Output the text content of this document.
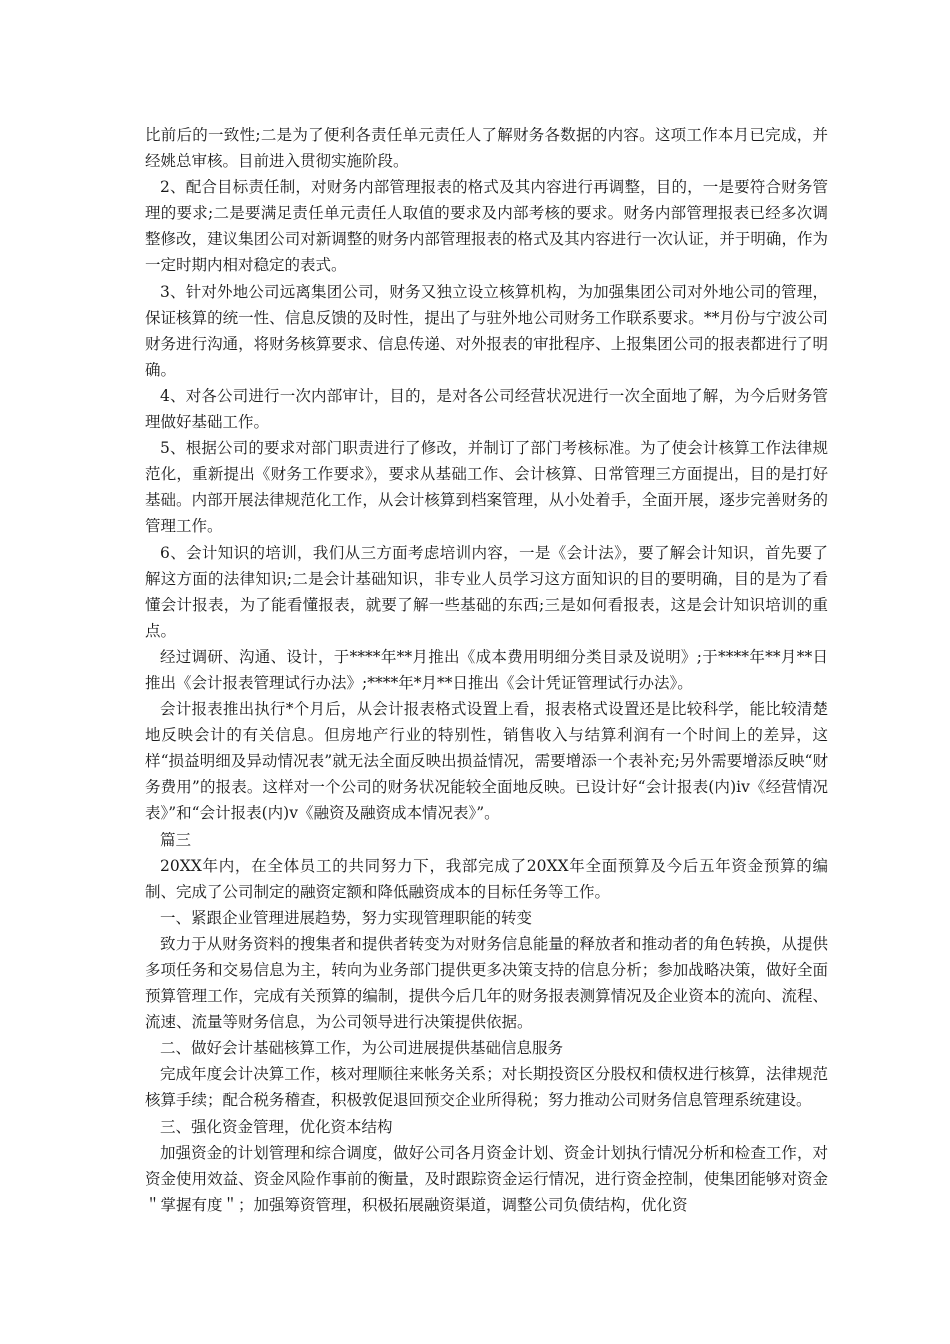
比前后的一致性;二是为了便利各责任单元责任人了解财务各数据的内容。这项工作本月已完成，并经姚总审核。目前进入贯彻实施阶段。

2、配合目标责任制，对财务内部管理报表的格式及其内容进行再调整，目的，一是要符合财务管理的要求;二是要满足责任单元责任人取值的要求及内部考核的要求。财务内部管理报表已经多次调整修改，建议集团公司对新调整的财务内部管理报表的格式及其内容进行一次认证，并于明确，作为一定时期内相对稳定的表式。

3、针对外地公司远离集团公司，财务又独立设立核算机构，为加强集团公司对外地公司的管理，保证核算的统一性、信息反馈的及时性，提出了与驻外地公司财务工作联系要求。**月份与宁波公司财务进行沟通，将财务核算要求、信息传递、对外报表的审批程序、上报集团公司的报表都进行了明确。

4、对各公司进行一次内部审计，目的，是对各公司经营状况进行一次全面地了解，为今后财务管理做好基础工作。

5、根据公司的要求对部门职责进行了修改，并制订了部门考核标准。为了使会计核算工作法律规范化，重新提出《财务工作要求》，要求从基础工作、会计核算、日常管理三方面提出，目的是打好基础。内部开展法律规范化工作，从会计核算到档案管理，从小处着手，全面开展，逐步完善财务的管理工作。

6、会计知识的培训，我们从三方面考虑培训内容，一是《会计法》，要了解会计知识，首先要了解这方面的法律知识;二是会计基础知识，非专业人员学习这方面知识的目的要明确，目的是为了看懂会计报表，为了能看懂报表，就要了解一些基础的东西;三是如何看报表，这是会计知识培训的重点。

经过调研、沟通、设计，于****年**月推出《成本费用明细分类目录及说明》;于****年**月**日推出《会计报表管理试行办法》;****年*月**日推出《会计凭证管理试行办法》。

会计报表推出执行*个月后，从会计报表格式设置上看，报表格式设置还是比较科学，能比较清楚地反映会计的有关信息。但房地产行业的特别性，销售收入与结算利润有一个时间上的差异，这样“损益明细及异动情况表”就无法全面反映出损益情况，需要增添一个表补充;另外需要增添反映“财务费用”的报表。这样对一个公司的财务状况能较全面地反映。已设计好“会计报表(内)iv《经营情况表》”和“会计报表(内)v《融资及融资成本情况表》”。

篇三

20XX年内，在全体员工的共同努力下，我部完成了20XX年全面预算及今后五年资金预算的编制、完成了公司制定的融资定额和降低融资成本的目标任务等工作。

一、紧跟企业管理进展趋势，努力实现管理职能的转变

致力于从财务资料的搜集者和提供者转变为对财务信息能量的释放者和推动者的角色转换，从提供多项任务和交易信息为主，转向为业务部门提供更多决策支持的信息分析；参加战略决策，做好全面预算管理工作，完成有关预算的编制，提供今后几年的财务报表测算情况及企业资本的流向、流程、流速、流量等财务信息，为公司领导进行决策提供依据。

二、做好会计基础核算工作，为公司进展提供基础信息服务

完成年度会计决算工作，核对理顺往来帐务关系；对长期投资区分股权和债权进行核算，法律规范核算手续；配合税务稽查，积极敦促退回预交企业所得税；努力推动公司财务信息管理系统建设。

三、强化资金管理，优化资本结构

加强资金的计划管理和综合调度，做好公司各月资金计划、资金计划执行情况分析和检查工作，对资金使用效益、资金风险作事前的衡量，及时跟踪资金运行情况，进行资金控制，使集团能够对资金＂掌握有度＂；加强筹资管理，积极拓展融资渠道，调整公司负债结构，优化资
